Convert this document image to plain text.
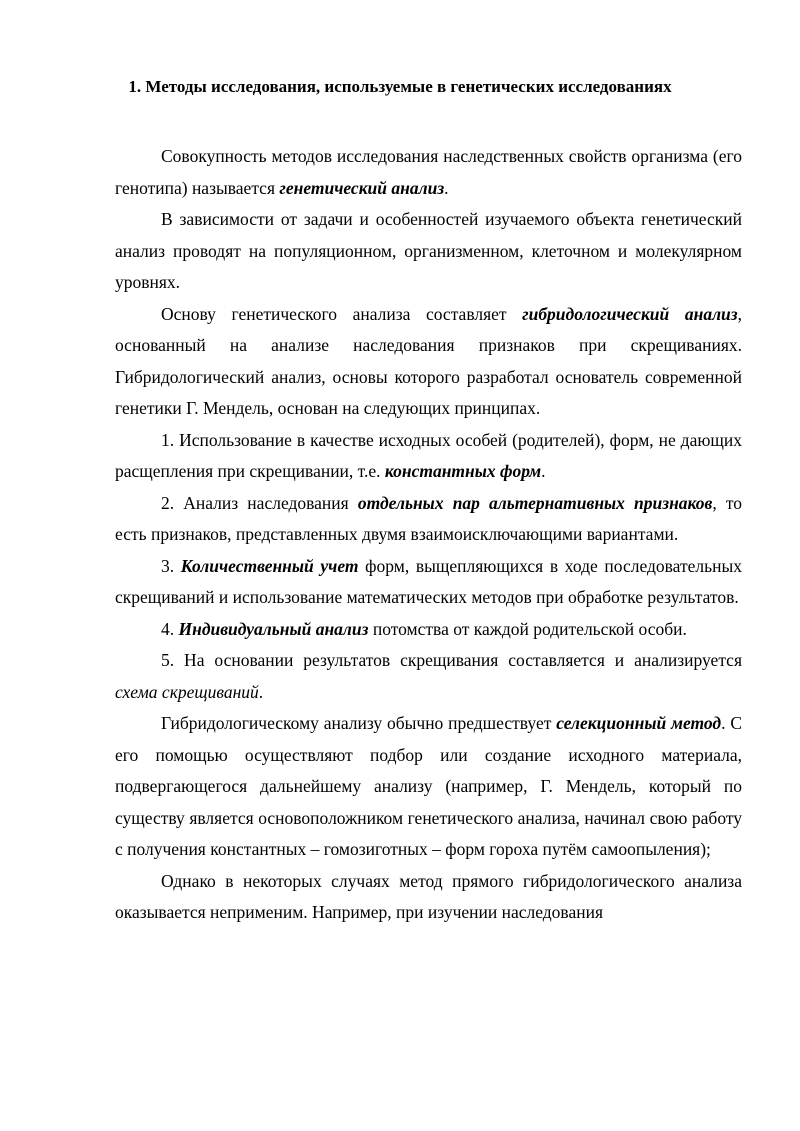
1. Методы исследования, используемые в генетических исследованиях

Совокупность методов исследования наследственных свойств организма (его генотипа) называется генетический анализ.

В зависимости от задачи и особенностей изучаемого объекта генетический анализ проводят на популяционном, организменном, клеточном и молекулярном уровнях.

Основу генетического анализа составляет гибридологический анализ, основанный на анализе наследования признаков при скрещиваниях. Гибридологический анализ, основы которого разработал основатель современной генетики Г. Мендель, основан на следующих принципах.

1. Использование в качестве исходных особей (родителей), форм, не дающих расщепления при скрещивании, т.е. константных форм.

2. Анализ наследования отдельных пар альтернативных признаков, то есть признаков, представленных двумя взаимоисключающими вариантами.

3. Количественный учет форм, выщепляющихся в ходе последовательных скрещиваний и использование математических методов при обработке результатов.

4. Индивидуальный анализ потомства от каждой родительской особи.

5. На основании результатов скрещивания составляется и анализируется схема скрещиваний.

Гибридологическому анализу обычно предшествует селекционный метод. С его помощью осуществляют подбор или создание исходного материала, подвергающегося дальнейшему анализу (например, Г. Мендель, который по существу является основоположником генетического анализа, начинал свою работу с получения константных – гомозиготных – форм гороха путём самоопыления);

Однако в некоторых случаях метод прямого гибридологического анализа оказывается неприменим. Например, при изучении наследования
